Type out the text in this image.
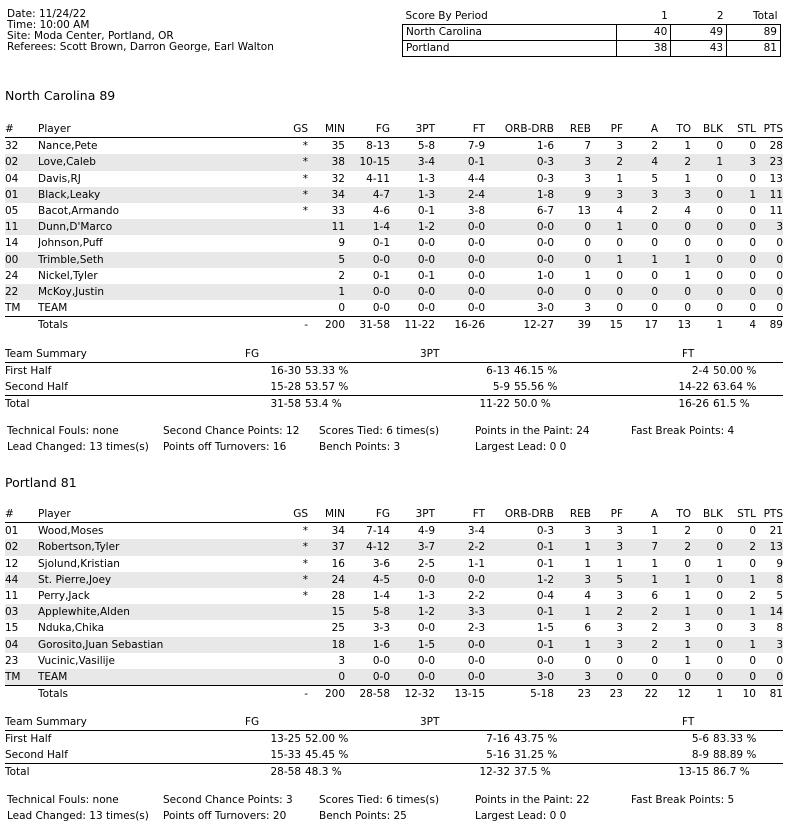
Date: 11/24/22
Time: 10:00 AM
Site: Moda Center, Portland, OR
Referees: Scott Brown, Darron George, Earl Walton
Score By Period	1	2	Total
North Carolina	40	49	89
Portland	38	43	81
North Carolina 89
#	Player	GS	MIN	FG	3PT	FT	ORB-DRB	REB	PF	A	TO	BLK	STL	PTS
32	Nance,Pete	*	35	8-13	5-8	7-9	1-6	7	3	2	1	0	0	28
02	Love,Caleb	*	38	10-15	3-4	0-1	0-3	3	2	4	2	1	3	23
04	Davis,RJ	*	32	4-11	1-3	4-4	0-3	3	1	5	1	0	0	13
01	Black,Leaky	*	34	4-7	1-3	2-4	1-8	9	3	3	3	0	1	11
05	Bacot,Armando	*	33	4-6	0-1	3-8	6-7	13	4	2	4	0	0	11
11	Dunn,D'Marco		11	1-4	1-2	0-0	0-0	0	1	0	0	0	0	3
14	Johnson,Puff		9	0-1	0-0	0-0	0-0	0	0	0	0	0	0	0
00	Trimble,Seth		5	0-0	0-0	0-0	0-0	0	1	1	1	0	0	0
24	Nickel,Tyler		2	0-1	0-1	0-0	1-0	1	0	0	1	0	0	0
22	McKoy,Justin		1	0-0	0-0	0-0	0-0	0	0	0	0	0	0	0
TM	TEAM		0	0-0	0-0	0-0	3-0	3	0	0	0	0	0	0
	Totals	-	200	31-58	11-22	16-26	12-27	39	15	17	13	1	4	89
Team Summary	FG		3PT		FT	
First Half	16-30	53.33 %	6-13	46.15 %	2-4	50.00 %
Second Half	15-28	53.57 %	5-9	55.56 %	14-22	63.64 %
Total	31-58	53.4 %	11-22	50.0 %	16-26	61.5 %
Technical Fouls: none	Second Chance Points: 12 Scores Tied: 6 times(s)	Points in the Paint: 24	Fast Break Points: 4
Lead Changed: 13 times(s) Points off Turnovers: 16	Bench Points: 3	Largest Lead: 0 0
Portland 81
#	Player	GS	MIN	FG	3PT	FT	ORB-DRB	REB	PF	A	TO	BLK	STL	PTS
01	Wood,Moses	*	34	7-14	4-9	3-4	0-3	3	3	1	2	0	0	21
02	Robertson,Tyler	*	37	4-12	3-7	2-2	0-1	1	3	7	2	0	2	13
12	Sjolund,Kristian	*	16	3-6	2-5	1-1	0-1	1	1	1	0	1	0	9
44	St. Pierre,Joey	*	24	4-5	0-0	0-0	1-2	3	5	1	1	0	1	8
11	Perry,Jack	*	28	1-4	1-3	2-2	0-4	4	3	6	1	0	2	5
03	Applewhite,Alden		15	5-8	1-2	3-3	0-1	1	2	2	1	0	1	14
15	Nduka,Chika		25	3-3	0-0	2-3	1-5	6	3	2	3	0	3	8
04	Gorosito,Juan Sebastian		18	1-6	1-5	0-0	0-1	1	3	2	1	0	1	3
23	Vucinic,Vasilije		3	0-0	0-0	0-0	0-0	0	0	0	1	0	0	0
TM	TEAM		0	0-0	0-0	0-0	3-0	3	0	0	0	0	0	0
	Totals	-	200	28-58	12-32	13-15	5-18	23	23	22	12	1	10	81
Team Summary	FG		3PT		FT	
First Half	13-25	52.00 %	7-16	43.75 %	5-6	83.33 %
Second Half	15-33	45.45 %	5-16	31.25 %	8-9	88.89 %
Total	28-58	48.3 %	12-32	37.5 %	13-15	86.7 %
Technical Fouls: none	Second Chance Points: 3	Scores Tied: 6 times(s)	Points in the Paint: 22	Fast Break Points: 5
Lead Changed: 13 times(s) Points off Turnovers: 20	Bench Points: 25	Largest Lead: 0 0
